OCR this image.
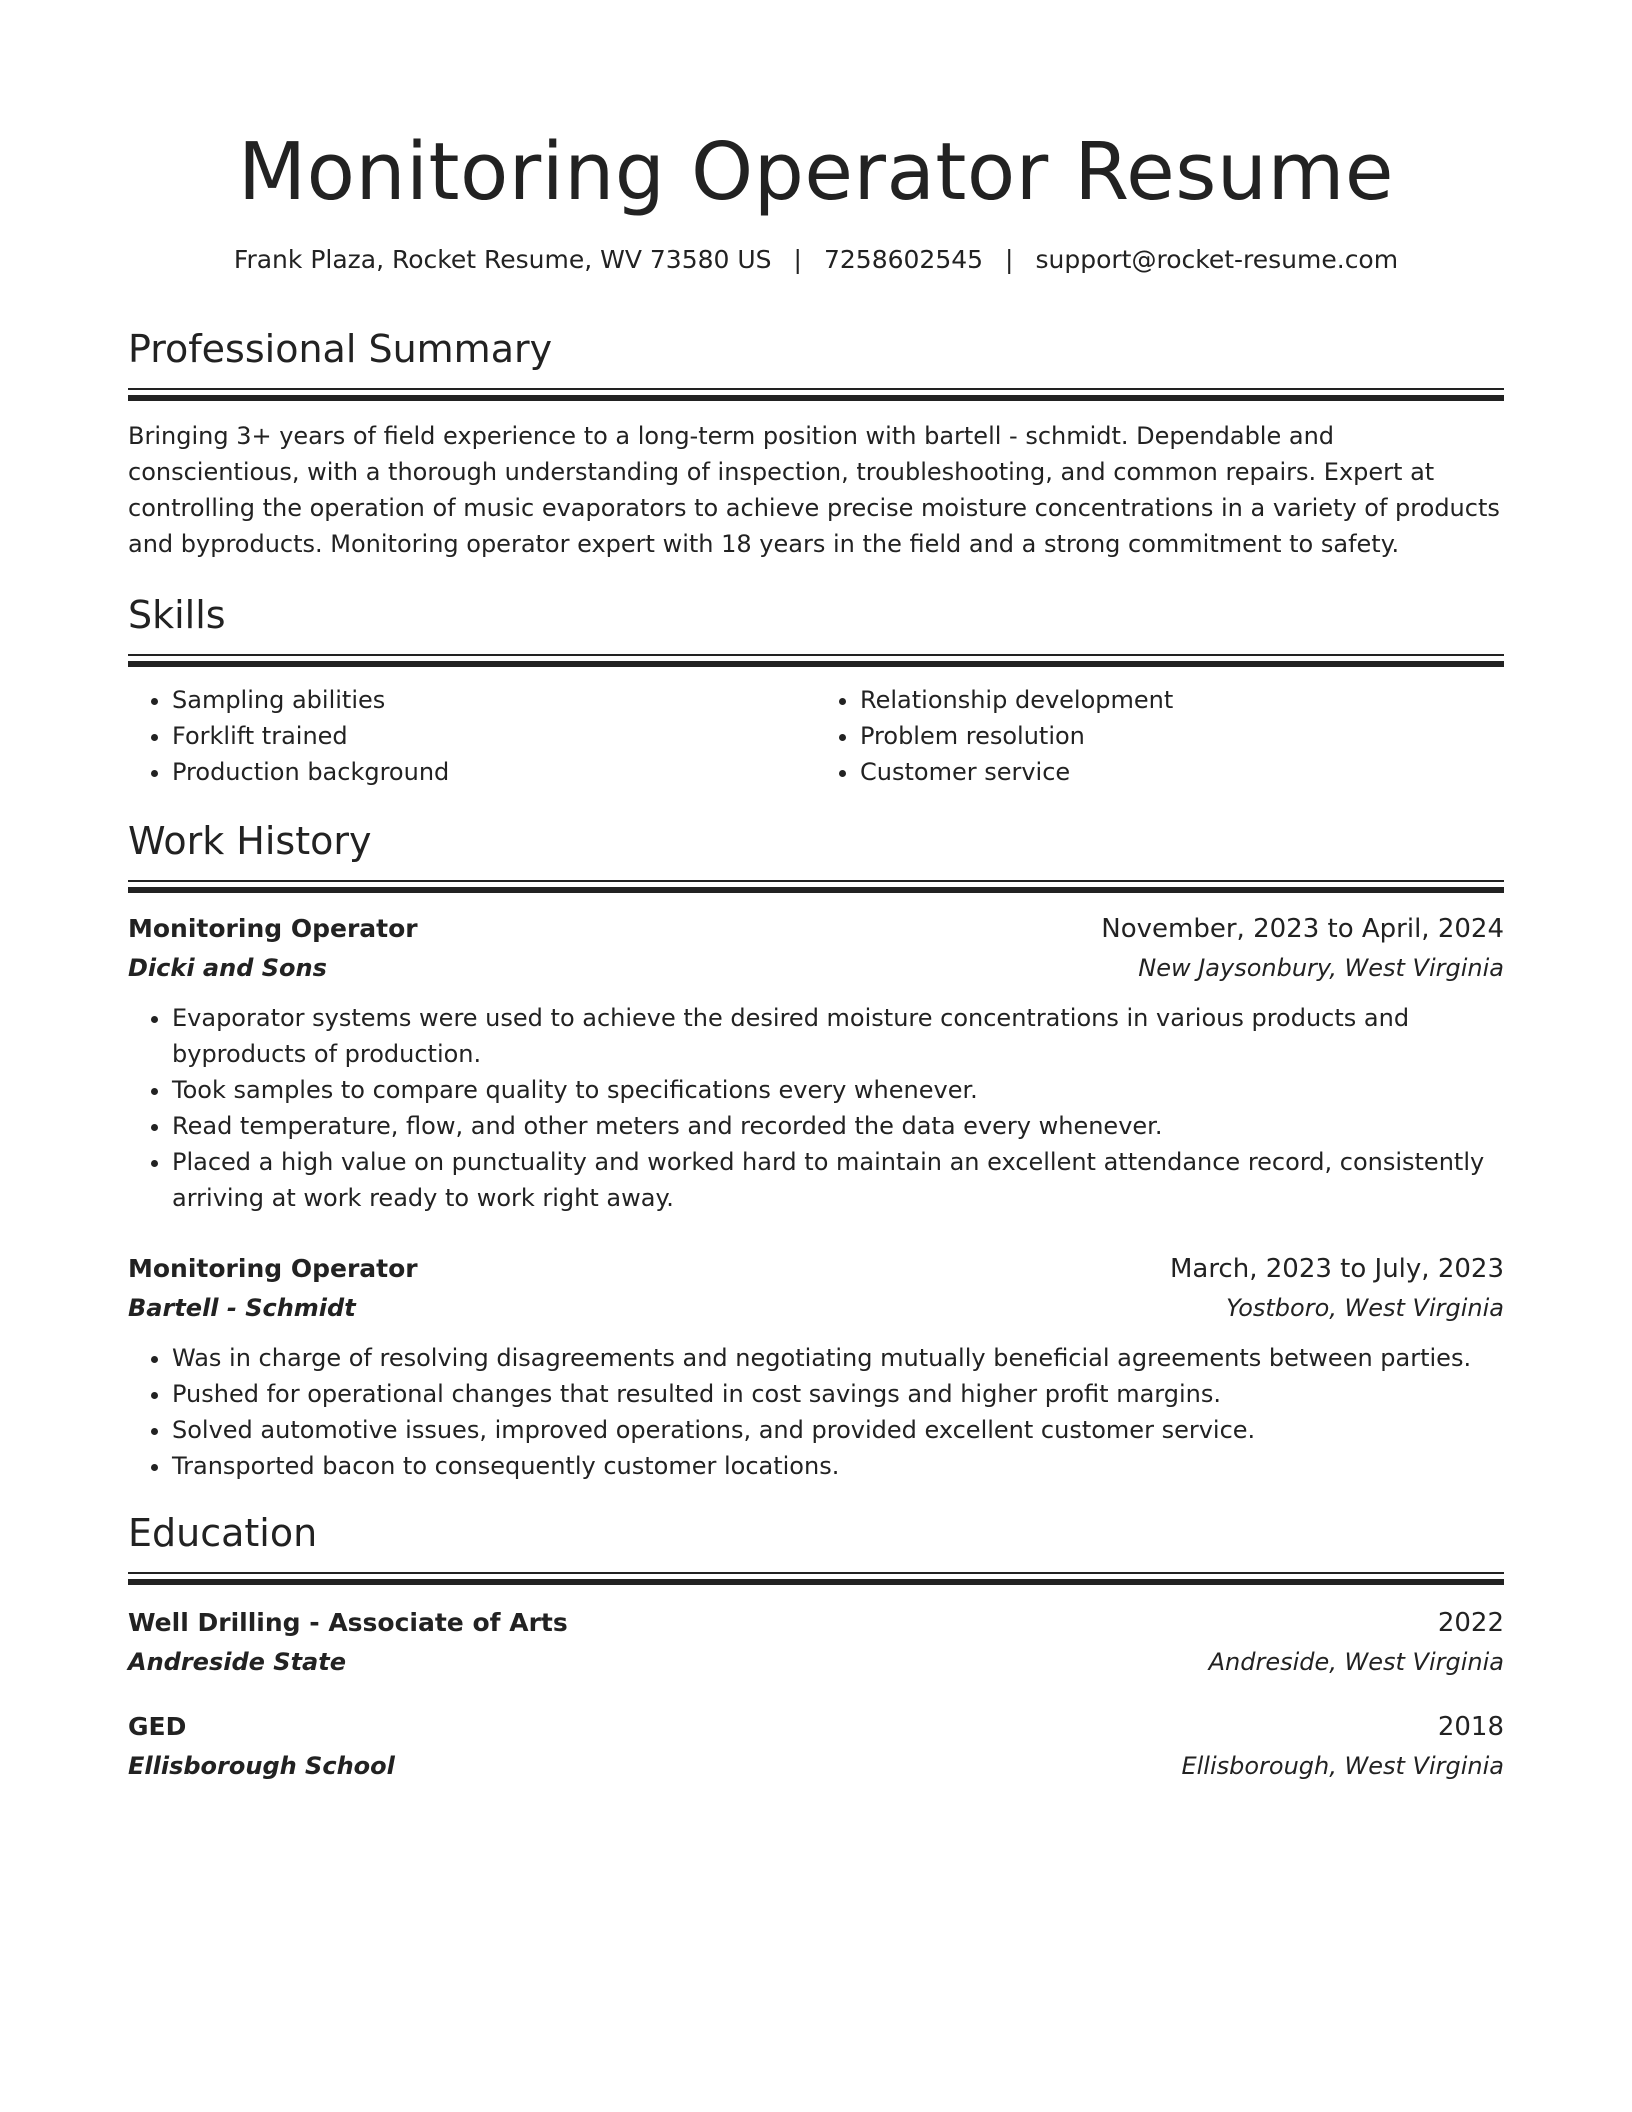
Monitoring Operator Resume
Frank Plaza, Rocket Resume, WV 73580 US | 7258602545 | support@rocket-resume.com
Professional Summary
Bringing 3+ years of field experience to a long-term position with bartell - schmidt. Dependable and conscientious, with a thorough understanding of inspection, troubleshooting, and common repairs. Expert at controlling the operation of music evaporators to achieve precise moisture concentrations in a variety of products and byproducts. Monitoring operator expert with 18 years in the field and a strong commitment to safety.
Skills
• Sampling abilities
• Forklift trained
• Production background
• Relationship development
• Problem resolution
• Customer service
Work History
Monitoring Operator	November, 2023 to April, 2024
Dicki and Sons	New Jaysonbury, West Virginia
• Evaporator systems were used to achieve the desired moisture concentrations in various products and byproducts of production.
• Took samples to compare quality to specifications every whenever.
• Read temperature, flow, and other meters and recorded the data every whenever.
• Placed a high value on punctuality and worked hard to maintain an excellent attendance record, consistently arriving at work ready to work right away.
Monitoring Operator	March, 2023 to July, 2023
Bartell - Schmidt	Yostboro, West Virginia
• Was in charge of resolving disagreements and negotiating mutually beneficial agreements between parties.
• Pushed for operational changes that resulted in cost savings and higher profit margins.
• Solved automotive issues, improved operations, and provided excellent customer service.
• Transported bacon to consequently customer locations.
Education
Well Drilling - Associate of Arts	2022
Andreside State	Andreside, West Virginia
GED	2018
Ellisborough School	Ellisborough, West Virginia
